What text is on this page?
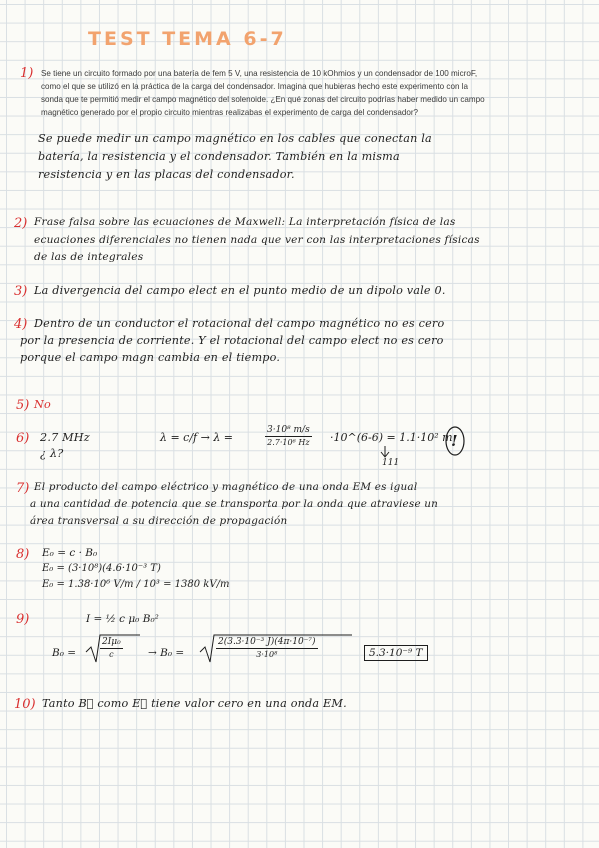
TEST TEMA 6-7
1) Se tiene un circuito formado por una batería de fem 5 V, una resistencia de 10 kOhmios y un condensador de 100 microF, como el que se utilizó en la práctica de la carga del condensador. Imagina que hubieras hecho este experimento con la sonda que te permitió medir el campo magnético del solenoide. ¿En qué zonas del circuito podrías haber medido un campo magnético generado por el propio circuito mientras realizabas el experimento de carga del condensador?
Se puede medir un campo magnético en los cables que conectan la
batería, la resistencia y el condensador. También en la misma
resistencia y en las placas del condensador.
2) Frase falsa sobre las ecuaciones de Maxwell: La interpretación física de las
ecuaciones diferenciales no tienen nada que ver con las interpretaciones físicas
de las de integrales
3) La divergencia del campo elect en el punto medio de un dipolo vale 0.
4) Dentro de un conductor el rotacional del campo magnético no es cero
por la presencia de corriente. Y el rotacional del campo elect no es cero
porque el campo magn cambia en el tiempo.
5) No
6) 2.7 MHz
¿ λ?
λ = c/f → λ =	$\frac{\text{3·10⁸ m/s}}{\text{2.7·10⁶ Hz}}$ ·10^(6-6) = 1.1·10² m
111
!
7) El producto del campo eléctrico y magnético de una onda EM es igual
a una cantidad de potencia que se transporta por la onda que atraviese un
área transversal a su dirección de propagación
8) E₀ = c · B₀
E₀ = (3·10⁸)(4.6·10⁻³ T)
E₀ = 1.38·10⁶ V/m / 10³ = 1380 kV/m
9)	I = ½ c μ₀ B₀²
B₀ =	$\frac{\text{2Iμ₀}}{c} \to B_0$ =	$\frac{\text{2(3.3·10⁻³ J)(4π·10⁻⁷)}}{\text{3·10⁸}}$	5.3·10⁻⁹ T
10) Tanto B⃗ como E⃗ tiene valor cero en una onda EM.
